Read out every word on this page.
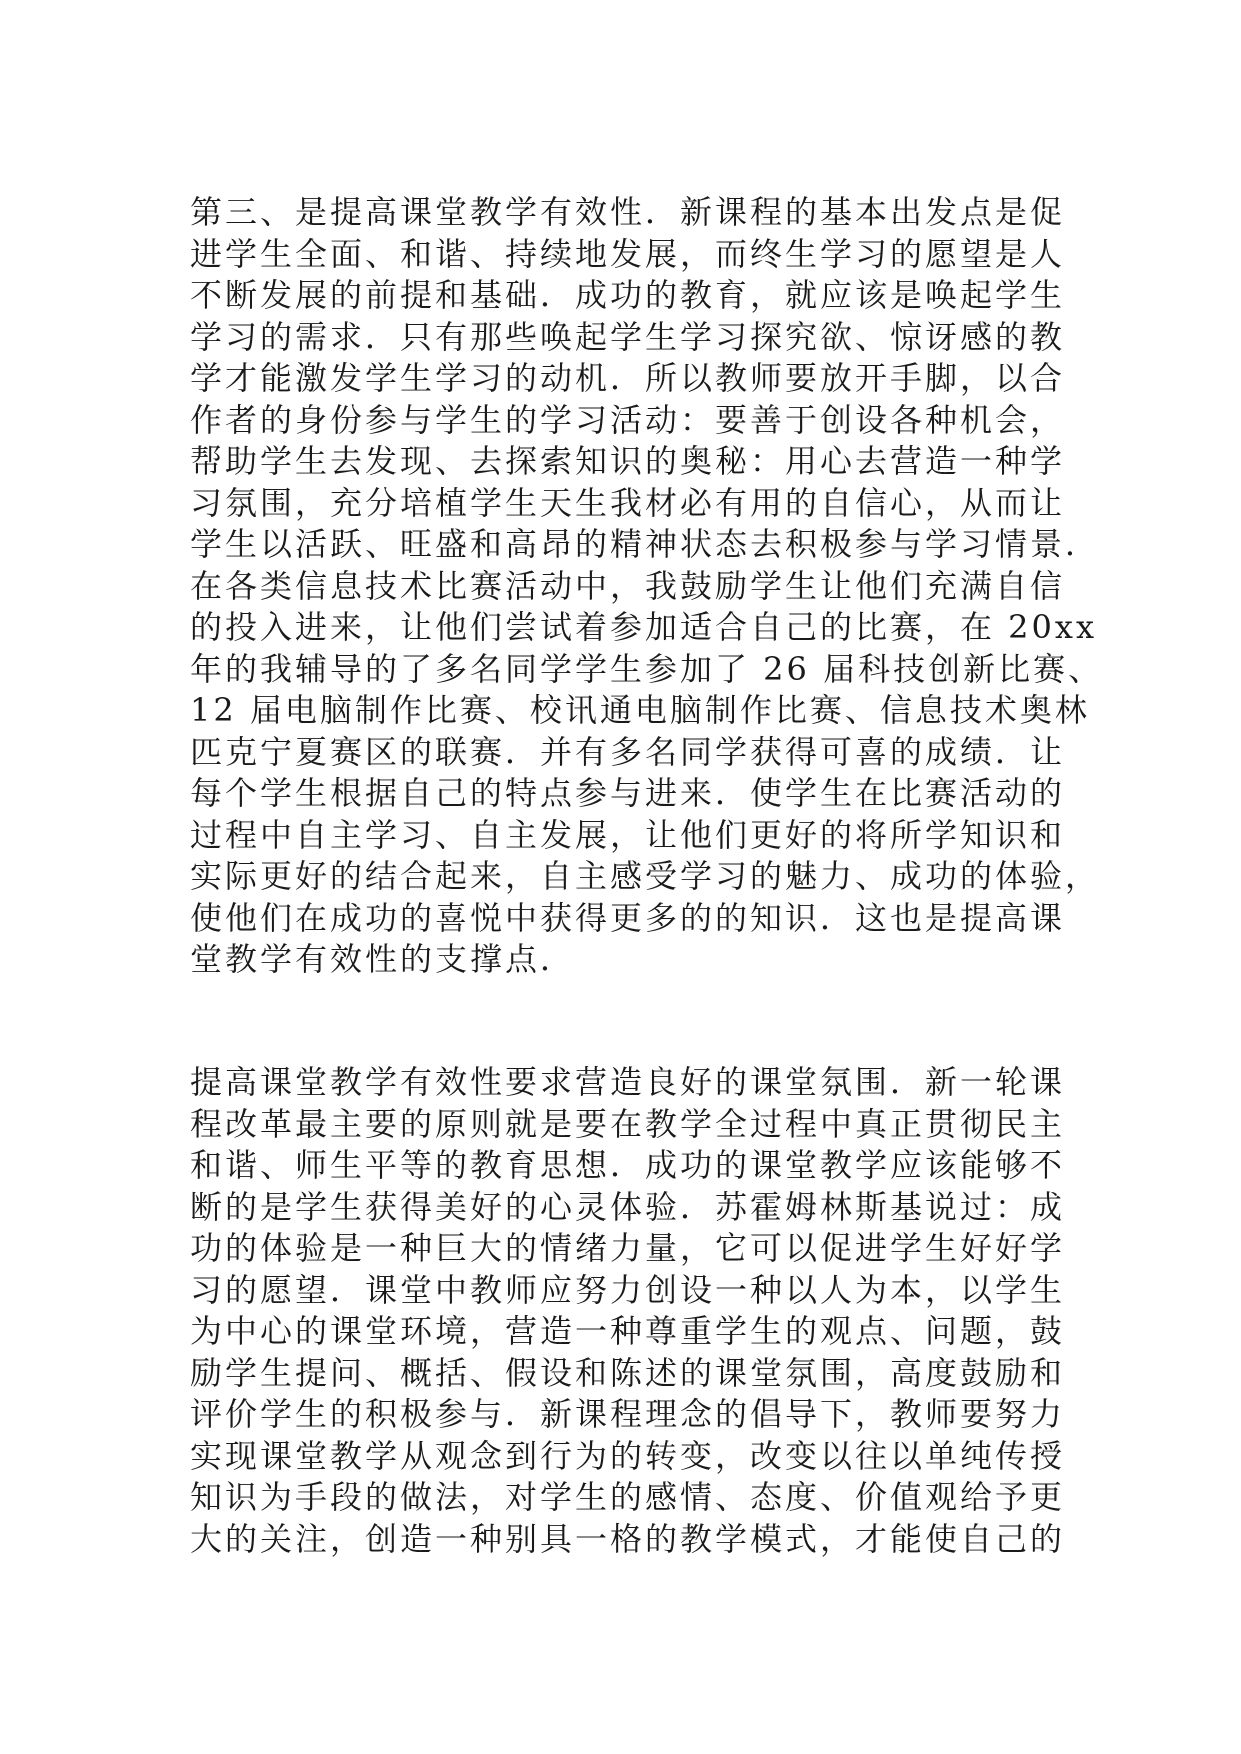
第三、是提高课堂教学有效性．新课程的基本出发点是促
进学生全面、和谐、持续地发展，而终生学习的愿望是人
不断发展的前提和基础．成功的教育，就应该是唤起学生
学习的需求．只有那些唤起学生学习探究欲、惊讶感的教
学才能激发学生学习的动机．所以教师要放开手脚，以合
作者的身份参与学生的学习活动：要善于创设各种机会，
帮助学生去发现、去探索知识的奥秘：用心去营造一种学
习氛围，充分培植学生天生我材必有用的自信心，从而让
学生以活跃、旺盛和高昂的精神状态去积极参与学习情景．
在各类信息技术比赛活动中，我鼓励学生让他们充满自信
的投入进来，让他们尝试着参加适合自己的比赛，在 20xx
年的我辅导的了多名同学学生参加了 26 届科技创新比赛、
12 届电脑制作比赛、校讯通电脑制作比赛、信息技术奥林
匹克宁夏赛区的联赛．并有多名同学获得可喜的成绩．让
每个学生根据自己的特点参与进来．使学生在比赛活动的
过程中自主学习、自主发展，让他们更好的将所学知识和
实际更好的结合起来，自主感受学习的魅力、成功的体验，
使他们在成功的喜悦中获得更多的的知识．这也是提高课
堂教学有效性的支撑点．
提高课堂教学有效性要求营造良好的课堂氛围．新一轮课
程改革最主要的原则就是要在教学全过程中真正贯彻民主
和谐、师生平等的教育思想．成功的课堂教学应该能够不
断的是学生获得美好的心灵体验．苏霍姆林斯基说过：成
功的体验是一种巨大的情绪力量，它可以促进学生好好学
习的愿望．课堂中教师应努力创设一种以人为本，以学生
为中心的课堂环境，营造一种尊重学生的观点、问题，鼓
励学生提问、概括、假设和陈述的课堂氛围，高度鼓励和
评价学生的积极参与．新课程理念的倡导下，教师要努力
实现课堂教学从观念到行为的转变，改变以往以单纯传授
知识为手段的做法，对学生的感情、态度、价值观给予更
大的关注，创造一种别具一格的教学模式，才能使自己的
